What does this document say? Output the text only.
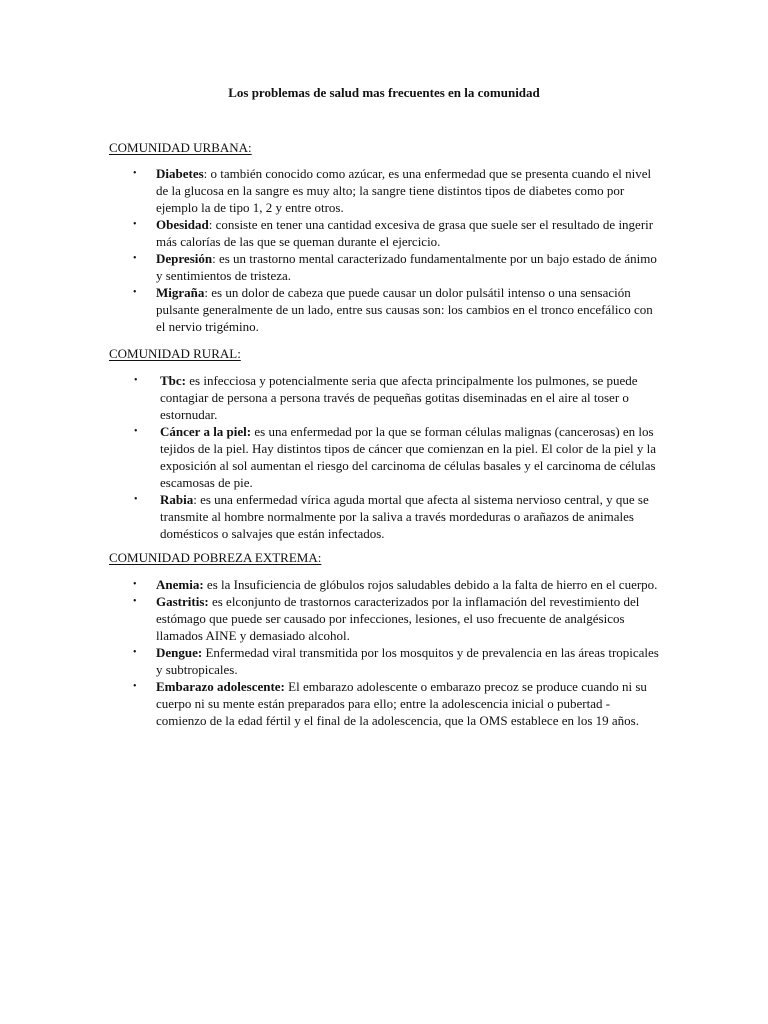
Los problemas de salud mas frecuentes en la comunidad
COMUNIDAD URBANA:
• Diabetes: o también conocido como azúcar, es una enfermedad que se presenta cuando el nivel de la glucosa en la sangre es muy alto; la sangre tiene distintos tipos de diabetes como por ejemplo la de tipo 1, 2 y entre otros.
• Obesidad: consiste en tener una cantidad excesiva de grasa que suele ser el resultado de ingerir más calorías de las que se queman durante el ejercicio.
• Depresión: es un trastorno mental caracterizado fundamentalmente por un bajo estado de ánimo y sentimientos de tristeza.
• Migraña: es un dolor de cabeza que puede causar un dolor pulsátil intenso o una sensación pulsante generalmente de un lado, entre sus causas son: los cambios en el tronco encefálico con el nervio trigémino.
COMUNIDAD RURAL:
• Tbc: es infecciosa y potencialmente seria que afecta principalmente los pulmones, se puede contagiar de persona a persona través de pequeñas gotitas diseminadas en el aire al toser o estornudar.
• Cáncer a la piel: es una enfermedad por la que se forman células malignas (cancerosas) en los tejidos de la piel. Hay distintos tipos de cáncer que comienzan en la piel. El color de la piel y la exposición al sol aumentan el riesgo del carcinoma de células basales y el carcinoma de células escamosas de pie.
• Rabia: es una enfermedad vírica aguda mortal que afecta al sistema nervioso central, y que se transmite al hombre normalmente por la saliva a través mordeduras o arañazos de animales domésticos o salvajes que están infectados.
COMUNIDAD POBREZA EXTREMA:
• Anemia: es la Insuficiencia de glóbulos rojos saludables debido a la falta de hierro en el cuerpo.
• Gastritis: es elconjunto de trastornos caracterizados por la inflamación del revestimiento del estómago que puede ser causado por infecciones, lesiones, el uso frecuente de analgésicos llamados AINE y demasiado alcohol.
• Dengue: Enfermedad viral transmitida por los mosquitos y de prevalencia en las áreas tropicales y subtropicales.
• Embarazo adolescente: El embarazo adolescente o embarazo precoz se produce cuando ni su cuerpo ni su mente están preparados para ello; entre la adolescencia inicial o pubertad - comienzo de la edad fértil y el final de la adolescencia, que la OMS establece en los 19 años.
